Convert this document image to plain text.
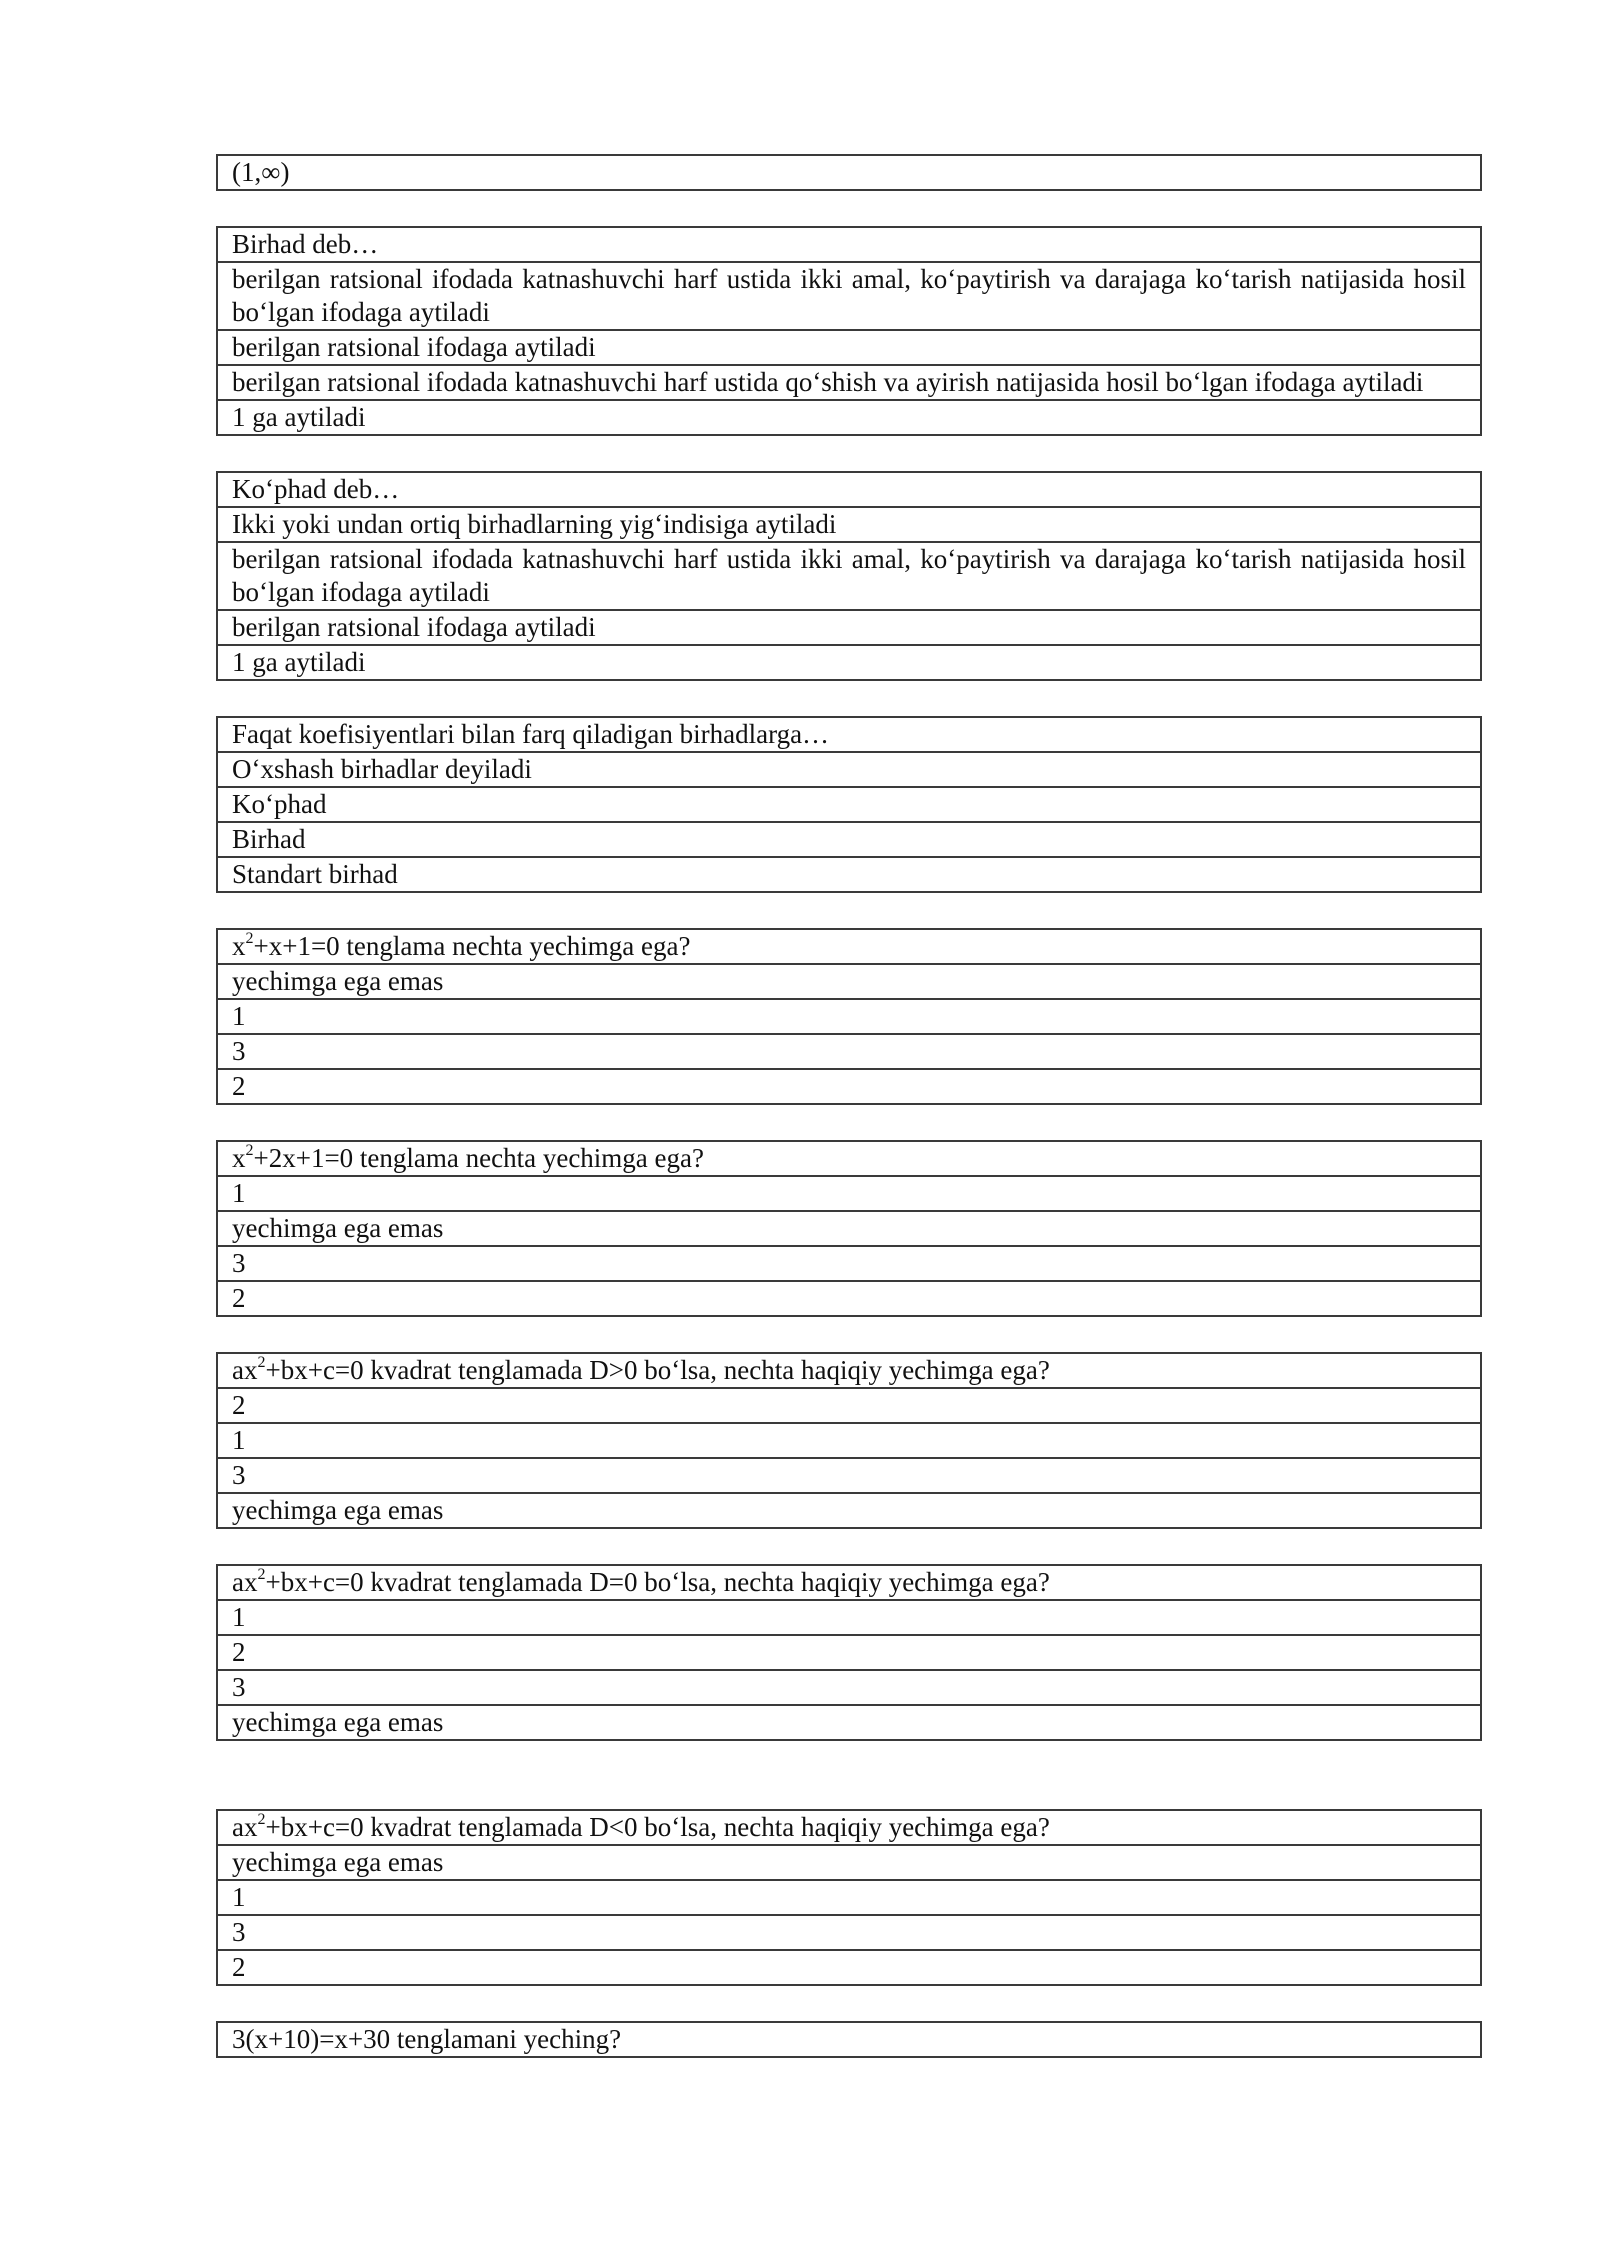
(1,∞)
Birhad deb…
berilgan ratsional ifodada katnashuvchi harf ustida ikki amal, ko‘paytirish va darajaga ko‘tarish natijasida hosil bo‘lgan ifodaga aytiladi
berilgan ratsional ifodaga aytiladi
berilgan ratsional ifodada katnashuvchi harf ustida qo‘shish va ayirish natijasida hosil bo‘lgan ifodaga aytiladi
1 ga aytiladi
Ko‘phad deb…
Ikki yoki undan ortiq birhadlarning yig‘indisiga aytiladi
berilgan ratsional ifodada katnashuvchi harf ustida ikki amal, ko‘paytirish va darajaga ko‘tarish natijasida hosil bo‘lgan ifodaga aytiladi
berilgan ratsional ifodaga aytiladi
1 ga aytiladi
Faqat koefisiyentlari bilan farq qiladigan birhadlarga…
O‘xshash birhadlar deyiladi
Ko‘phad
Birhad
Standart birhad
$x^2+x+1=0$ tenglama nechta yechimga ega?
yechimga ega emas
1
3
2
$x^2+2x+1=0$ tenglama nechta yechimga ega?
1
yechimga ega emas
3
2
$ax^2+bx+c=0$ kvadrat tenglamada D>0 bo‘lsa, nechta haqiqiy yechimga ega?
2
1
3
yechimga ega emas
$ax^2+bx+c=0$ kvadrat tenglamada D=0 bo‘lsa, nechta haqiqiy yechimga ega?
1
2
3
yechimga ega emas
$ax^2+bx+c=0$ kvadrat tenglamada D<0 bo‘lsa, nechta haqiqiy yechimga ega?
yechimga ega emas
1
3
2
3(x+10)=x+30 tenglamani yeching?
